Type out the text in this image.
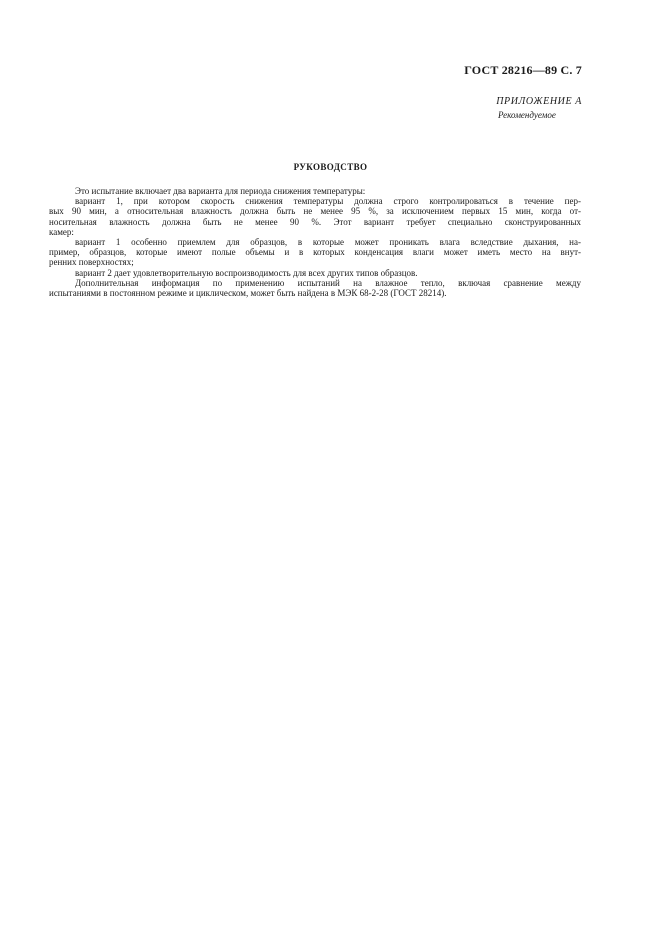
ГОСТ 28216—89 С. 7
ПРИЛОЖЕНИЕ А
Рекомендуемое
РУКОВОДСТВО
Это испытание включает два варианта для периода снижения температуры:
вариант 1, при котором скорость снижения температуры должна строго контролироваться в течение пер-
вых 90 мин, а относительная влажность должна быть не менее 95 %, за исключением первых 15 мин, когда от-
носительная влажность должна быть не менее 90 %. Этот вариант требует специально сконструированных
камер:
вариант 1 особенно приемлем для образцов, в которые может проникать влага вследствие дыхания, на-
пример, образцов, которые имеют полые объемы и в которых конденсация влаги может иметь место на внут-
ренних поверхностях;
вариант 2 дает удовлетворительную воспроизводимость для всех других типов образцов.
Дополнительная информация по применению испытаний на влажное тепло, включая сравнение между
испытаниями в постоянном режиме и циклическом, может быть найдена в МЭК 68-2-28 (ГОСТ 28214).
